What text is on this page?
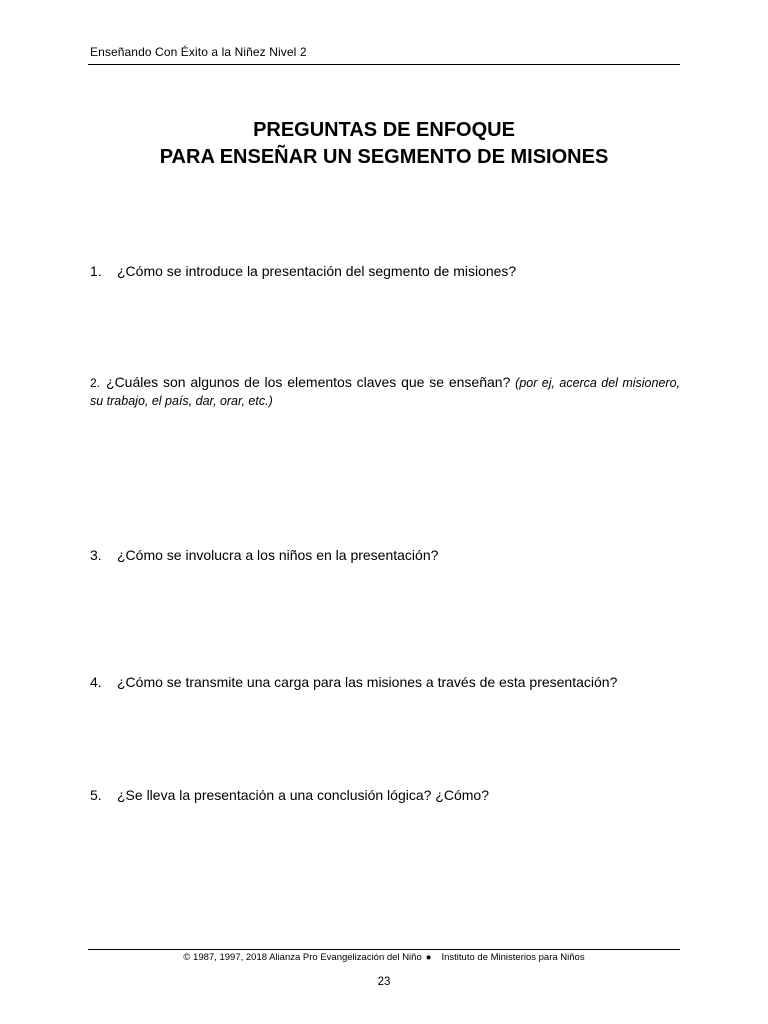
Enseñando Con Éxito a la Niñez Nivel 2
PREGUNTAS DE ENFOQUE
PARA ENSEÑAR UN SEGMENTO DE MISIONES
1. ¿Cómo se introduce la presentación del segmento de misiones?
2. ¿Cuáles son algunos de los elementos claves que se enseñan? (por ej, acerca del misionero, su trabajo, el país, dar, orar, etc.)
3. ¿Cómo se involucra a los niños en la presentación?
4. ¿Cómo se transmite una carga para las misiones a través de esta presentación?
5. ¿Se lleva la presentación a una conclusión lógica? ¿Cómo?
© 1987, 1997, 2018 Alianza Pro Evangelización del Niño ● Instituto de Ministerios para Niños
23
